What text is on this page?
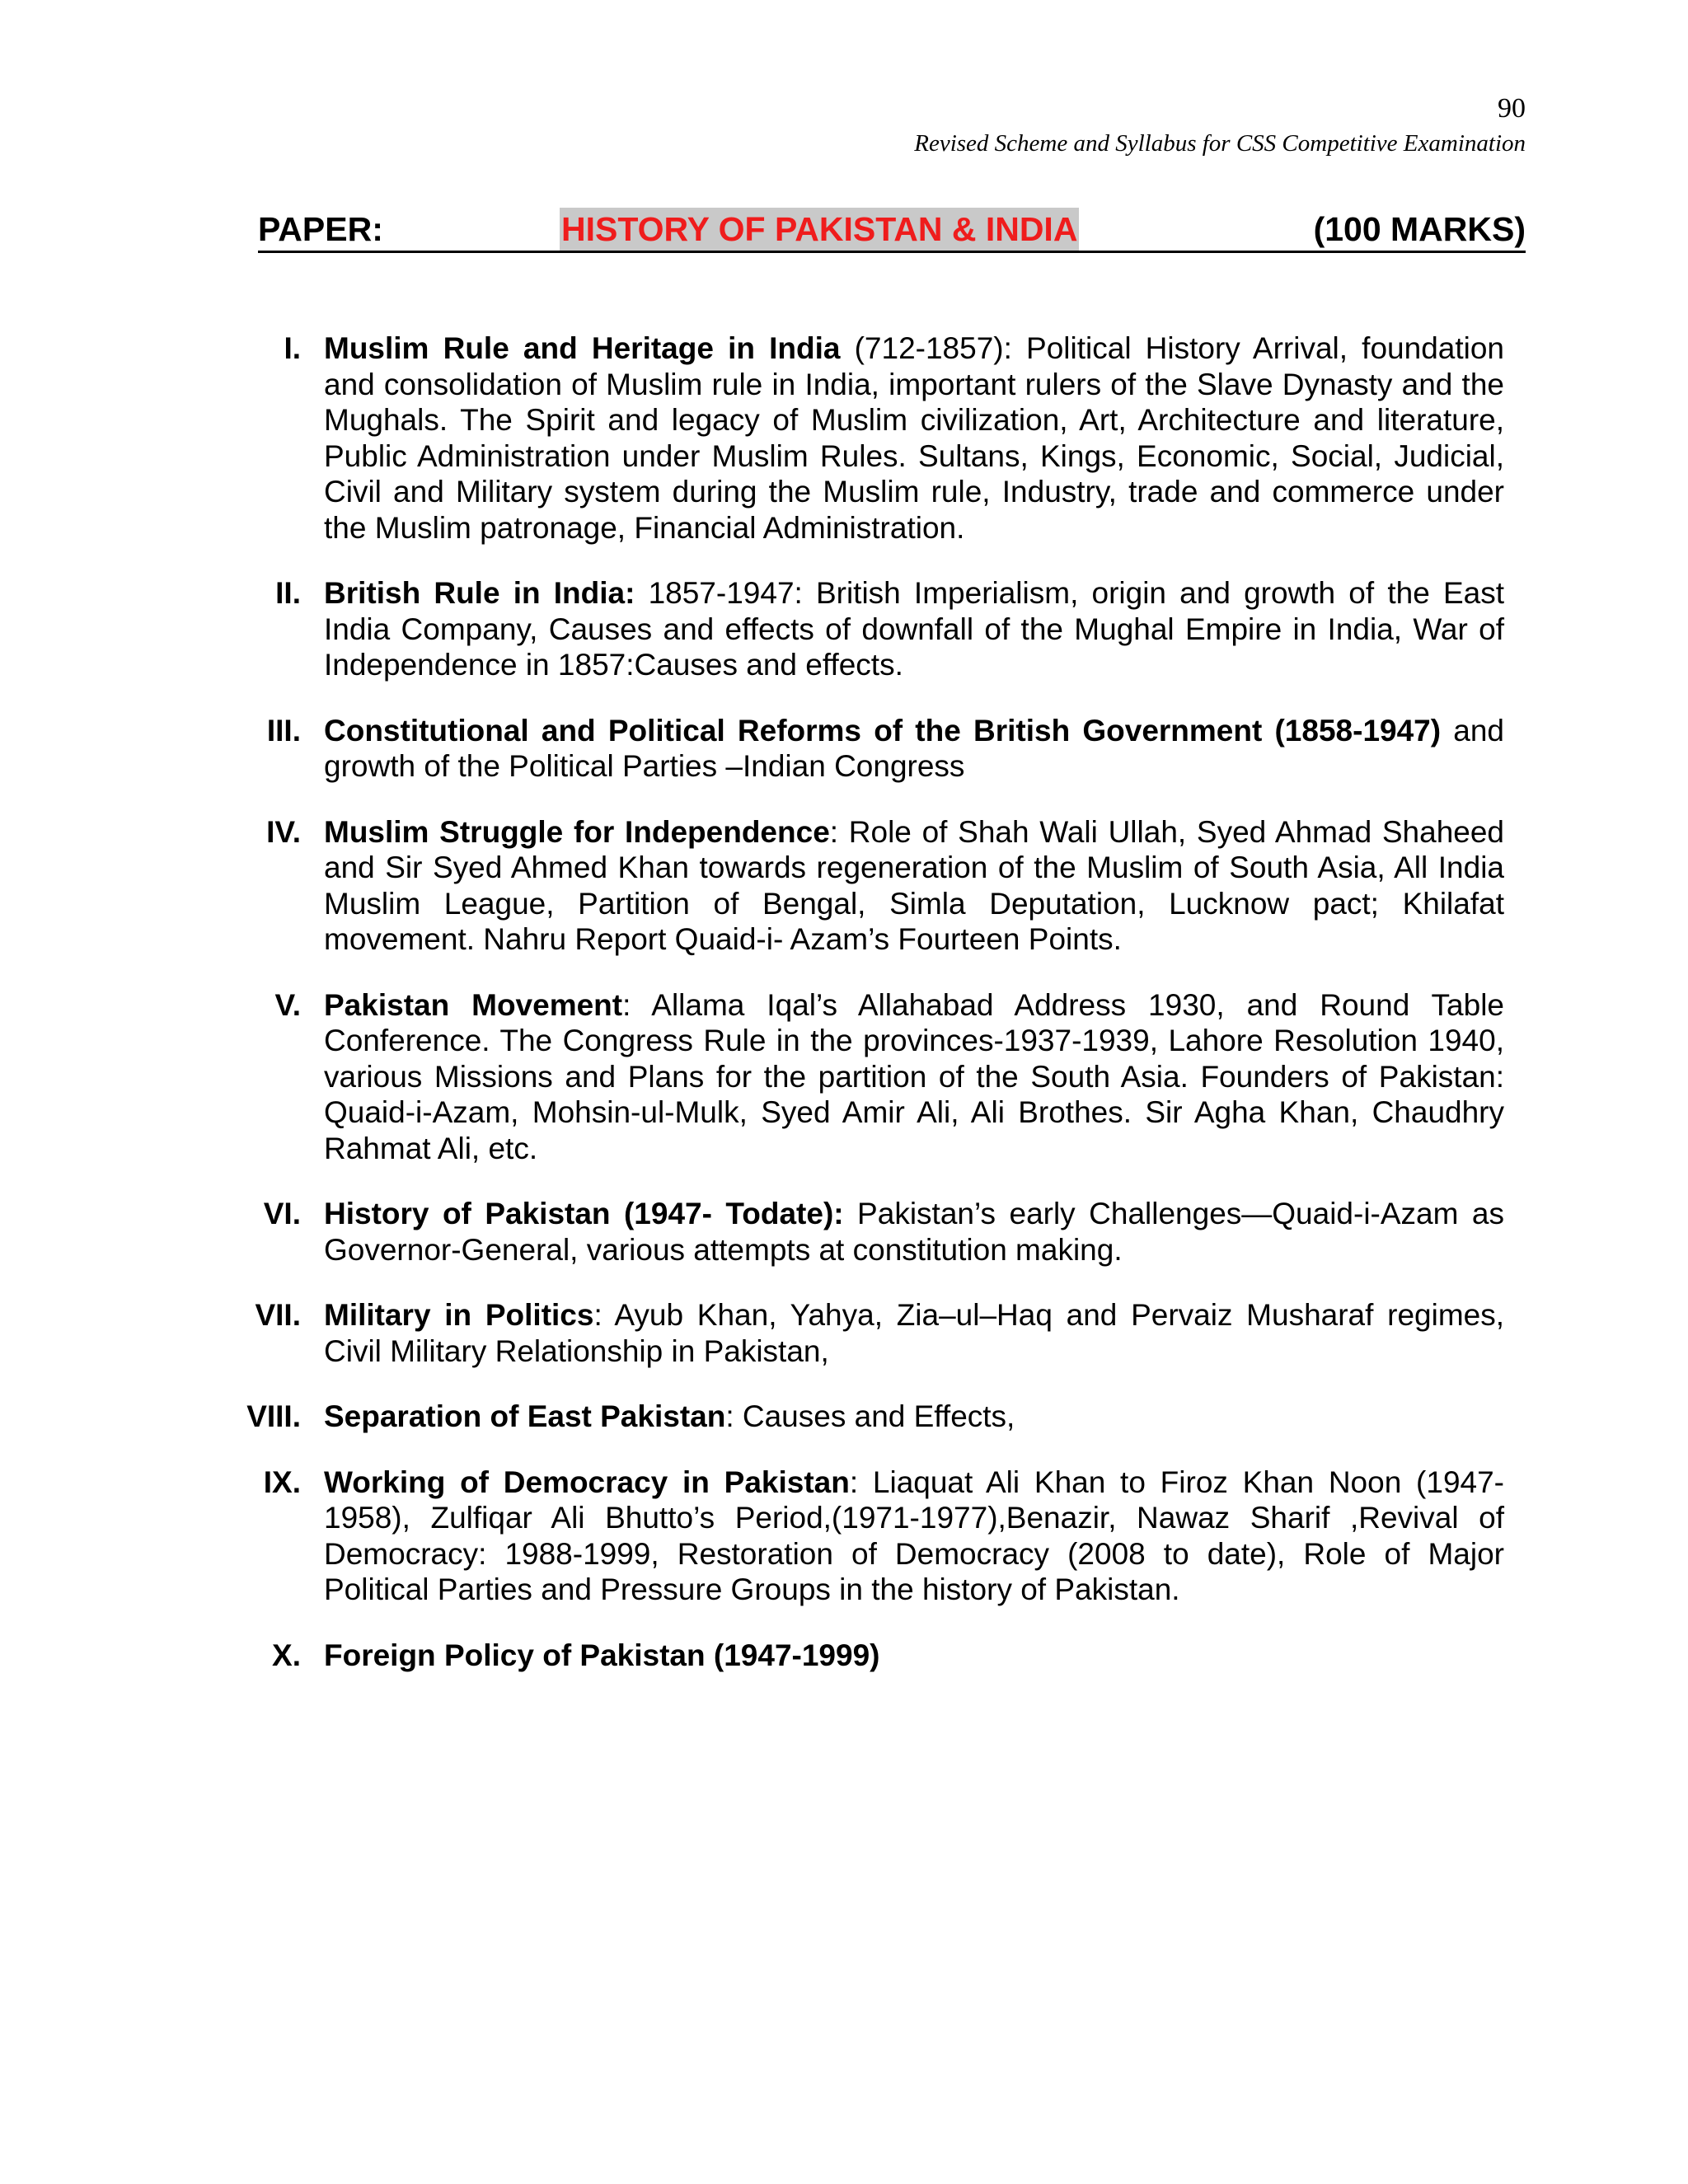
90
Revised Scheme and Syllabus for CSS Competitive Examination
PAPER:	HISTORY OF PAKISTAN & INDIA	(100 MARKS)
I. Muslim Rule and Heritage in India (712-1857): Political History Arrival, foundation and consolidation of Muslim rule in India, important rulers of the Slave Dynasty and the Mughals. The Spirit and legacy of Muslim civilization, Art, Architecture and literature, Public Administration under Muslim Rules. Sultans, Kings, Economic, Social, Judicial, Civil and Military system during the Muslim rule, Industry, trade and commerce under the Muslim patronage, Financial Administration.
II. British Rule in India: 1857-1947: British Imperialism, origin and growth of the East India Company, Causes and effects of downfall of the Mughal Empire in India, War of Independence in 1857:Causes and effects.
III. Constitutional and Political Reforms of the British Government (1858-1947) and growth of the Political Parties –Indian Congress
IV. Muslim Struggle for Independence: Role of Shah Wali Ullah, Syed Ahmad Shaheed and Sir Syed Ahmed Khan towards regeneration of the Muslim of South Asia, All India Muslim League, Partition of Bengal, Simla Deputation, Lucknow pact; Khilafat movement. Nahru Report Quaid-i- Azam’s Fourteen Points.
V. Pakistan Movement: Allama Iqal’s Allahabad Address 1930, and Round Table Conference. The Congress Rule in the provinces-1937-1939, Lahore Resolution 1940, various Missions and Plans for the partition of the South Asia. Founders of Pakistan: Quaid-i-Azam, Mohsin-ul-Mulk, Syed Amir Ali, Ali Brothes. Sir Agha Khan, Chaudhry Rahmat Ali, etc.
VI. History of Pakistan (1947- Todate): Pakistan’s early Challenges—Quaid-i-Azam as Governor-General, various attempts at constitution making.
VII. Military in Politics: Ayub Khan, Yahya, Zia–ul–Haq and Pervaiz Musharaf regimes, Civil Military Relationship in Pakistan,
VIII. Separation of East Pakistan: Causes and Effects,
IX. Working of Democracy in Pakistan: Liaquat Ali Khan to Firoz Khan Noon (1947-1958), Zulfiqar Ali Bhutto’s Period,(1971-1977),Benazir, Nawaz Sharif ,Revival of Democracy: 1988-1999, Restoration of Democracy (2008 to date), Role of Major Political Parties and Pressure Groups in the history of Pakistan.
X. Foreign Policy of Pakistan (1947-1999)
